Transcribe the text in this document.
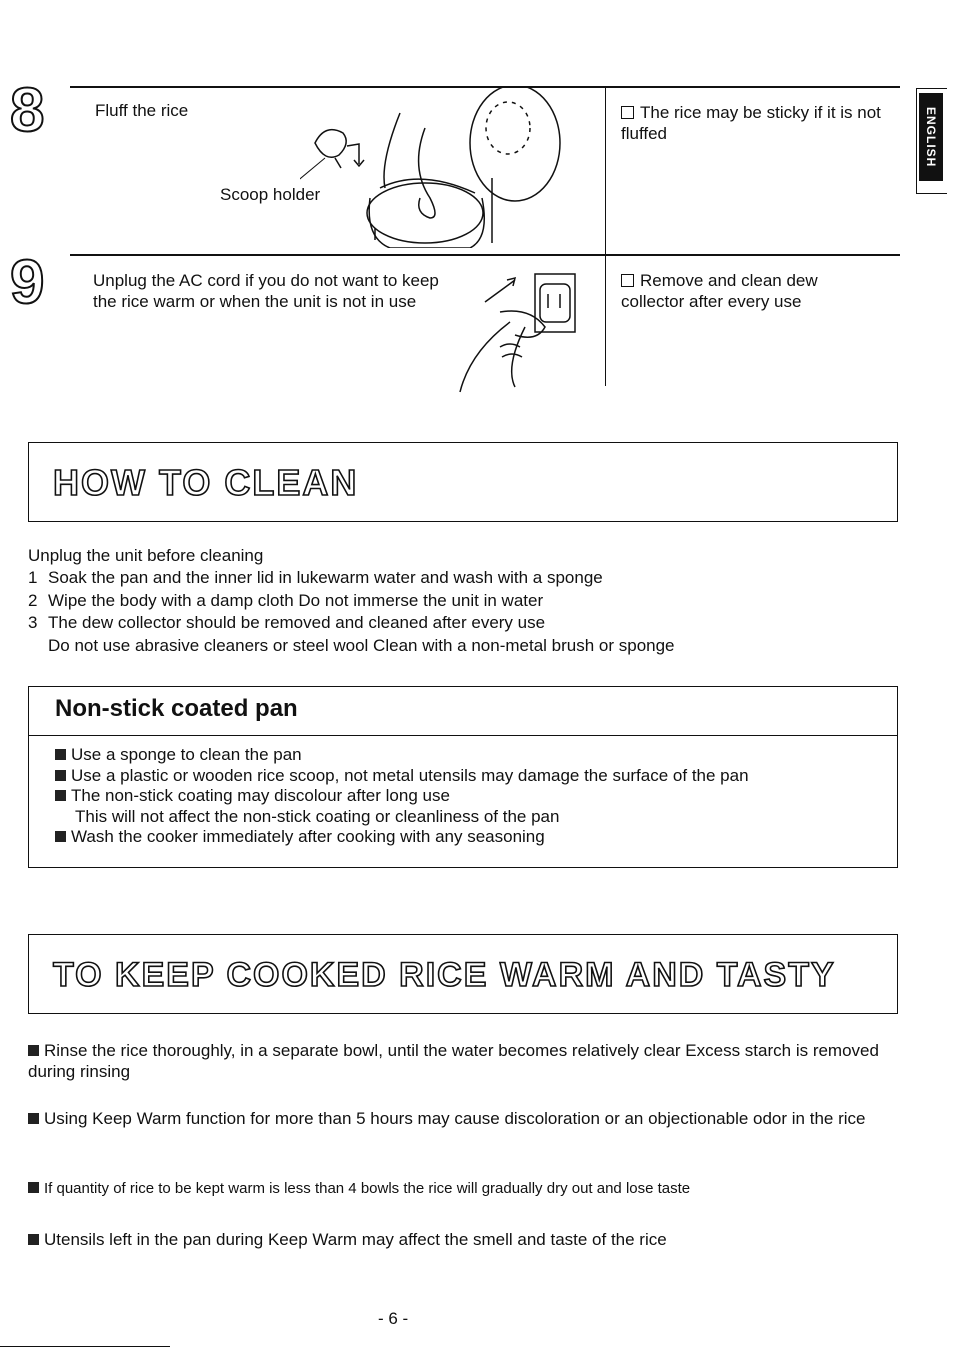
ENGLISH
8	Fluff the rice
Scoop holder
The rice may be sticky if it is not fluffed
9	Unplug the AC cord if you do not want to keep the rice warm or when the unit is not in use
Remove and clean dew collector after every use
HOW TO CLEAN
Unplug the unit before cleaning
1 Soak the pan and the inner lid in lukewarm water and wash with a sponge
2 Wipe the body with a damp cloth Do not immerse the unit in water
3 The dew collector should be removed and cleaned after every use
Do not use abrasive cleaners or steel wool Clean with a non-metal brush or sponge
Non-stick coated pan
Use a sponge to clean the pan
Use a plastic or wooden rice scoop, not metal utensils may damage the surface of the pan
The non-stick coating may discolour after long use
This will not affect the non-stick coating or cleanliness of the pan
Wash the cooker immediately after cooking with any seasoning
TO KEEP COOKED RICE WARM AND TASTY
Rinse the rice thoroughly, in a separate bowl, until the water becomes relatively clear Excess starch is removed during rinsing
Using Keep Warm function for more than 5 hours may cause discoloration or an objectionable odor in the rice
If quantity of rice to be kept warm is less than 4 bowls the rice will gradually dry out and lose taste
Utensils left in the pan during Keep Warm may affect the smell and taste of the rice
- 6 -
